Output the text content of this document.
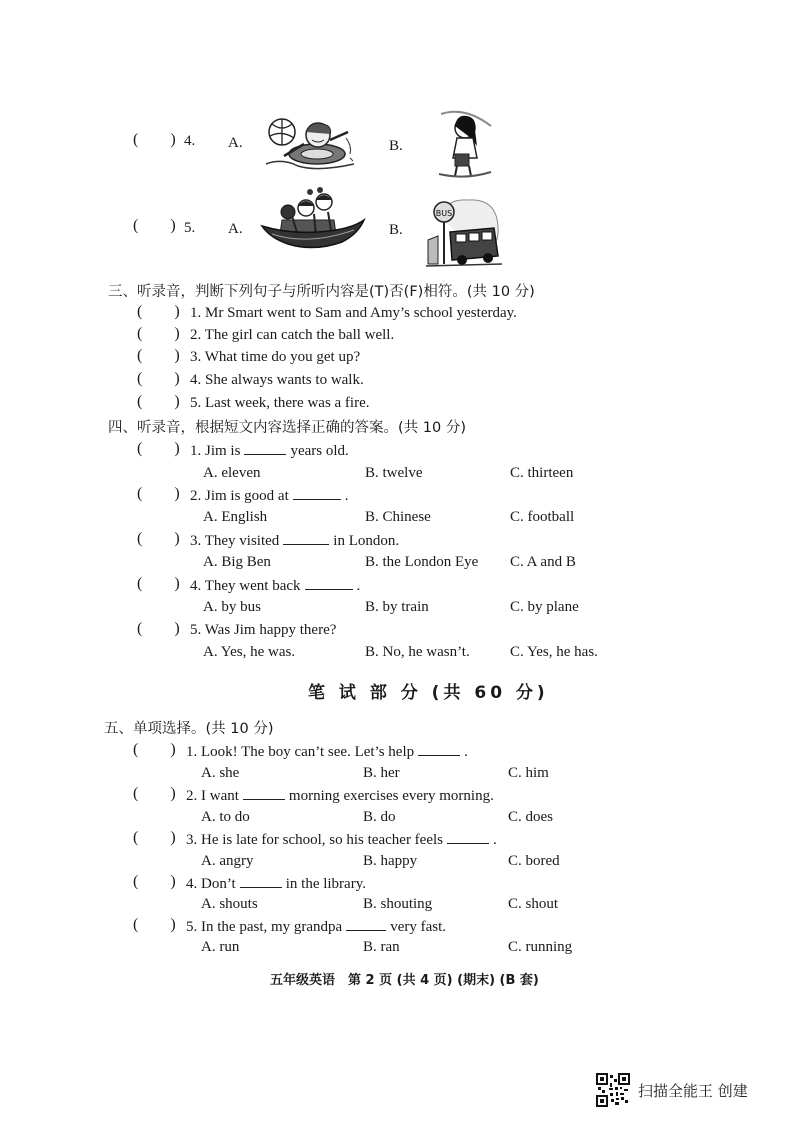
(　　) 4. A.	B.
(　　) 5. A.	B.
BUS
三、听录音，判断下列句子与所听内容是(T)否(F)相符。(共 10 分)
(　　) 1. Mr Smart went to Sam and Amy’s school yesterday.
(　　) 2. The girl can catch the ball well.
(　　) 3. What time do you get up?
(　　) 4. She always wants to walk.
(　　) 5. Last week, there was a fire.
四、听录音，根据短文内容选择正确的答案。(共 10 分)
(　　) 1. Jim is	years old.
A. eleven	B. twelve	C. thirteen
(　　) 2. Jim is good at	.
A. English	B. Chinese	C. football
(　　) 3. They visited	in London.
A. Big Ben	B. the London Eye C. A and B
(　　) 4. They went back	.
A. by bus	B. by train	C. by plane
(　　) 5. Was Jim happy there?
A. Yes, he was.	B. No, he wasn’t.	C. Yes, he has.
笔 试 部 分 (共 60 分)
五、单项选择。(共 10 分)
(　　) 1. Look! The boy can’t see. Let’s help	.
A. she	B. her	C. him
(　　) 2. I want	morning exercises every morning.
A. to do	B. do	C. does
(　　) 3. He is late for school, so his teacher feels	.
A. angry	B. happy	C. bored
(　　) 4. Don’t	in the library.
A. shouts	B. shouting	C. shout
(　　) 5. In the past, my grandpa	very fast.
A. run	B. ran	C. running
五年级英语　第 2 页 (共 4 页) (期末) (B 套)
扫描全能王 创建
